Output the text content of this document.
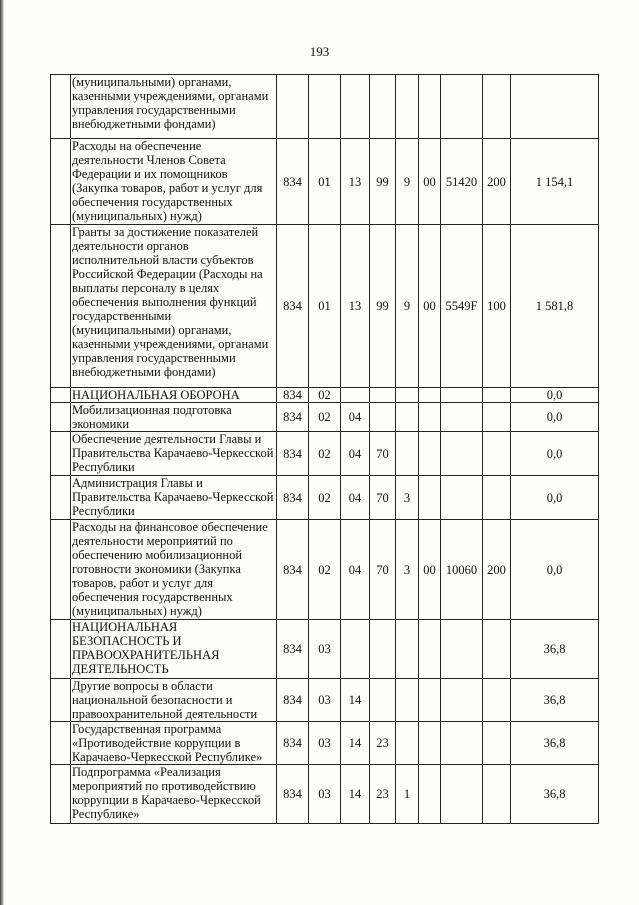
193
	(муниципальными) органами, казенными учреждениями, органами управления государственными внебюджетными фондами)									
	Расходы на обеспечение деятельности Членов Совета Федерации и их помощников (Закупка товаров, работ и услуг для обеспечения государственных (муниципальных) нужд)	834	01	13	99	9	00	51420	200	1 154,1
	Гранты за достижение показателей деятельности органов исполнительной власти субъектов Российской Федерации (Расходы на выплаты персоналу в целях обеспечения выполнения функций государственными (муниципальными) органами, казенными учреждениями, органами управления государственными внебюджетными фондами)	834	01	13	99	9	00	5549F	100	1 581,8
	НАЦИОНАЛЬНАЯ ОБОРОНА	834	02							0,0
	Мобилизационная подготовка экономики	834	02	04						0,0
	Обеспечение деятельности Главы и Правительства Карачаево-Черкесской Республики	834	02	04	70					0,0
	Администрация Главы и Правительства Карачаево-Черкесской Республики	834	02	04	70	3				0,0
	Расходы на финансовое обеспечение деятельности мероприятий по обеспечению мобилизационной готовности экономики (Закупка товаров, работ и услуг для обеспечения государственных (муниципальных) нужд)	834	02	04	70	3	00	10060	200	0,0
	НАЦИОНАЛЬНАЯ БЕЗОПАСНОСТЬ И ПРАВООХРАНИТЕЛЬНАЯ ДЕЯТЕЛЬНОСТЬ	834	03							36,8
	Другие вопросы в области национальной безопасности и правоохранительной деятельности	834	03	14						36,8
	Государственная программа «Противодействие коррупции в Карачаево-Черкесской Республике»	834	03	14	23					36,8
	Подпрограмма «Реализация мероприятий по противодействию коррупции в Карачаево-Черкесской Республике»	834	03	14	23	1				36,8
